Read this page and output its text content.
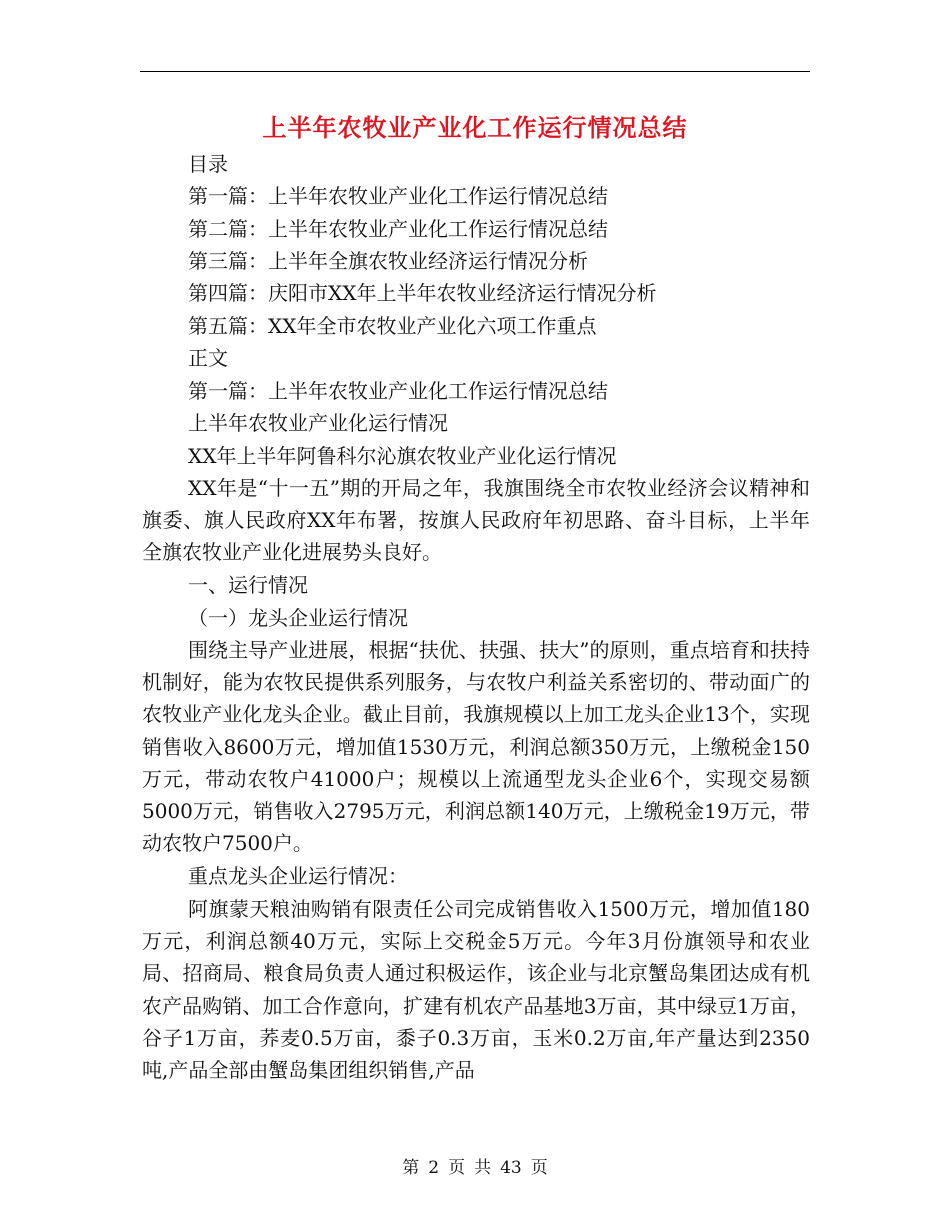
上半年农牧业产业化工作运行情况总结
目录
第一篇：上半年农牧业产业化工作运行情况总结
第二篇：上半年农牧业产业化工作运行情况总结
第三篇：上半年全旗农牧业经济运行情况分析
第四篇：庆阳市XX年上半年农牧业经济运行情况分析
第五篇：XX年全市农牧业产业化六项工作重点
正文
第一篇：上半年农牧业产业化工作运行情况总结
上半年农牧业产业化运行情况
XX年上半年阿鲁科尔沁旗农牧业产业化运行情况
XX年是“十一五”期的开局之年，我旗围绕全市农牧业经济会议精神和旗委、旗人民政府XX年布署，按旗人民政府年初思路、奋斗目标，上半年全旗农牧业产业化进展势头良好。
一、运行情况
（一）龙头企业运行情况
围绕主导产业进展，根据“扶优、扶强、扶大”的原则，重点培育和扶持机制好，能为农牧民提供系列服务，与农牧户利益关系密切的、带动面广的农牧业产业化龙头企业。截止目前，我旗规模以上加工龙头企业13个，实现销售收入8600万元，增加值1530万元，利润总额350万元，上缴税金150万元，带动农牧户41000户；规模以上流通型龙头企业6个，实现交易额5000万元，销售收入2795万元，利润总额140万元，上缴税金19万元，带动农牧户7500户。
重点龙头企业运行情况：
阿旗蒙天粮油购销有限责任公司完成销售收入1500万元，增加值180万元，利润总额40万元，实际上交税金5万元。今年3月份旗领导和农业局、招商局、粮食局负责人通过积极运作，该企业与北京蟹岛集团达成有机农产品购销、加工合作意向，扩建有机农产品基地3万亩，其中绿豆1万亩，谷子1万亩，荞麦0.5万亩，黍子0.3万亩，玉米0.2万亩,年产量达到2350吨,产品全部由蟹岛集团组织销售,产品
第 2 页 共 43 页
